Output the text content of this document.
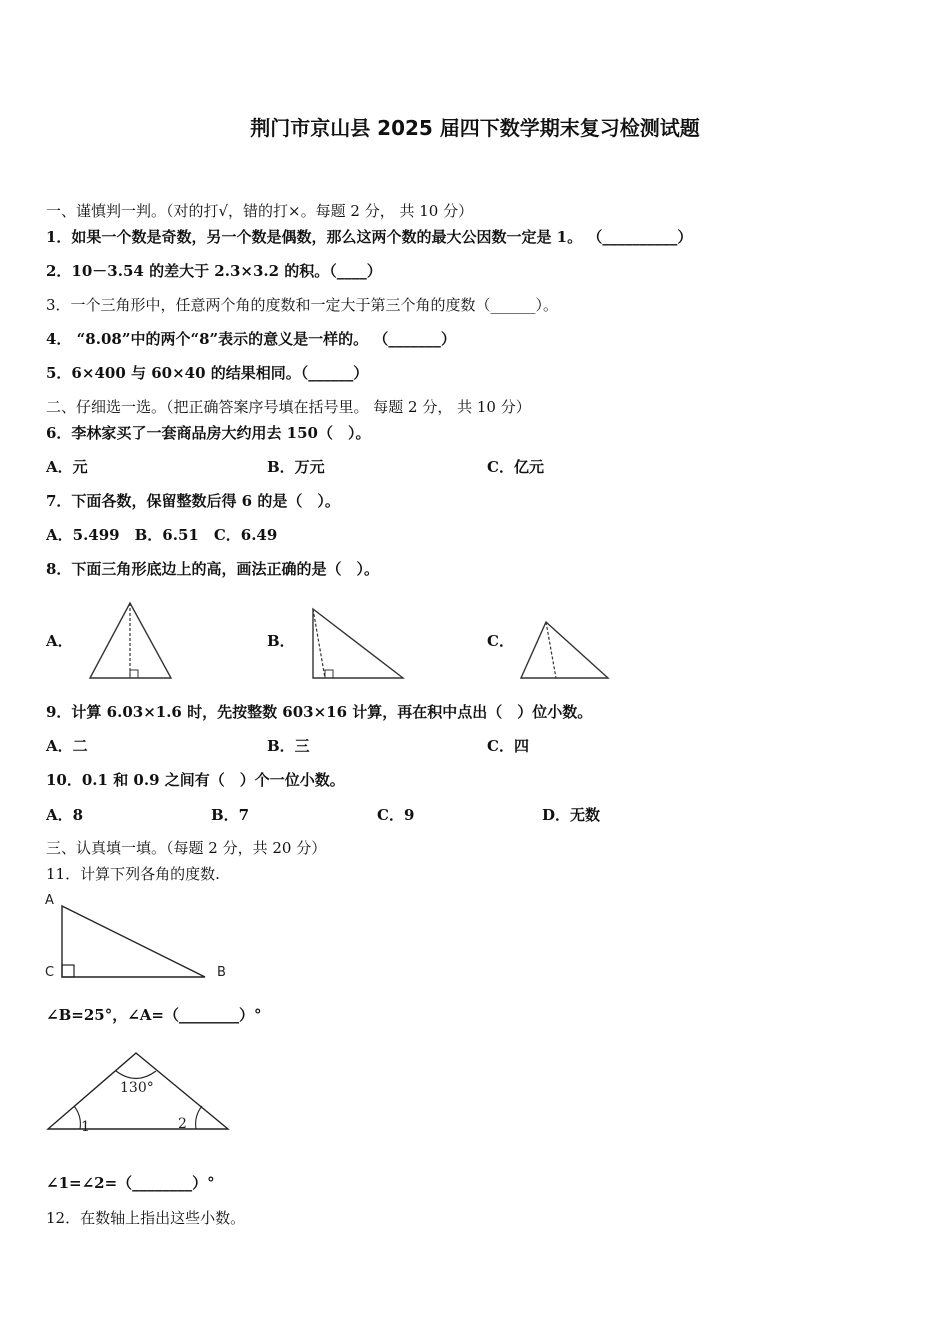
荆门市京山县 2025 届四下数学期末复习检测试题
一、谨慎判一判。（对的打√，错的打×。每题 2 分， 共 10 分）
1．如果一个数是奇数，另一个数是偶数，那么这两个数的最大公因数一定是 1。 （__________）
2．10－3.54 的差大于 2.3×3.2 的积。（____）
3．一个三角形中，任意两个角的度数和一定大于第三个角的度数（______）。
4． “8.08”中的两个“8”表示的意义是一样的。 （_______）
5．6×400 与 60×40 的结果相同。（______）
二、仔细选一选。（把正确答案序号填在括号里。 每题 2 分， 共 10 分）
6．李林家买了一套商品房大约用去 150（　）。
A．元	B．万元	C．亿元
7．下面各数，保留整数后得 6 的是（　）。
A．5.499　B．6.51　C．6.49
8．下面三角形底边上的高，画法正确的是（　）。
A．	B．	C．
9．计算 6.03×1.6 时，先按整数 603×16 计算，再在积中点出（　）位小数。
A．二	B．三	C．四
10．0.1 和 0.9 之间有（　）个一位小数。
A．8	B．7	C．9	D．无数
三、认真填一填。（每题 2 分，共 20 分）
11．计算下列各角的度数.
A
C	B
∠B=25°，∠A=（________）°
130°
1	2
∠1=∠2=（________）°
12．在数轴上指出这些小数。
